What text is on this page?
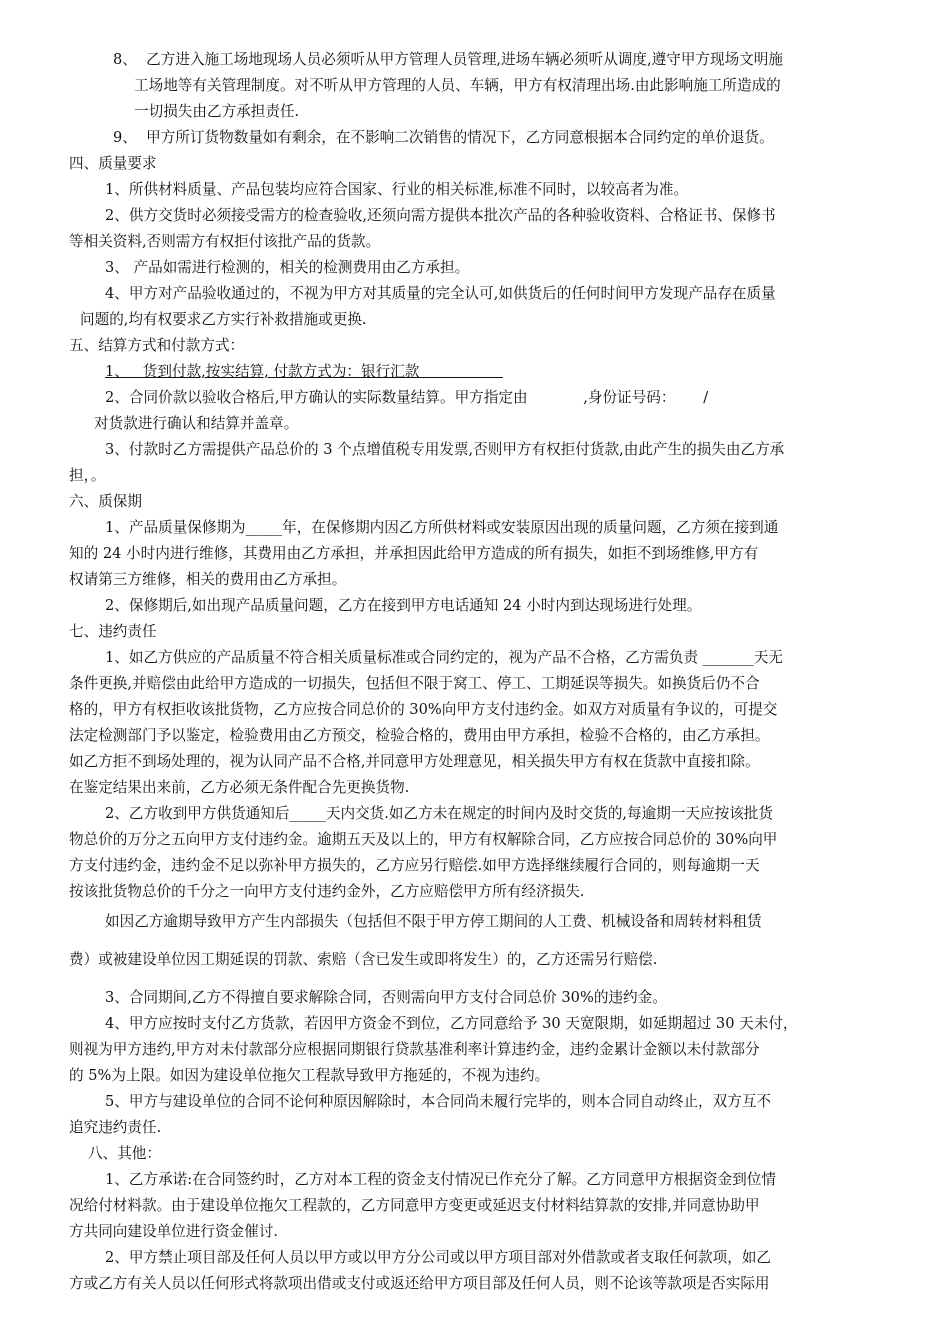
8、  乙方进入施工场地现场人员必须听从甲方管理人员管理,进场车辆必须听从调度,遵守甲方现场文明施
工场地等有关管理制度。对不听从甲方管理的人员、车辆，甲方有权清理出场.由此影响施工所造成的
一切损失由乙方承担责任.
9、  甲方所订货物数量如有剩余，在不影响二次销售的情况下，乙方同意根据本合同约定的单价退货。
四、质量要求
1、所供材料质量、产品包装均应符合国家、行业的相关标准,标准不同时，以较高者为准。
2、供方交货时必须接受需方的检查验收,还须向需方提供本批次产品的各种验收资料、合格证书、保修书
等相关资料,否则需方有权拒付该批产品的货款。
3、 产品如需进行检测的，相关的检测费用由乙方承担。
4、甲方对产品验收通过的，不视为甲方对其质量的完全认可,如供货后的任何时间甲方发现产品存在质量
问题的,均有权要求乙方实行补救措施或更换.
五、结算方式和付款方式：
1、   货到付款,按实结算, 付款方式为：银行汇款
2、合同价款以验收合格后,甲方确认的实际数量结算。甲方指定由            ,身份证号码：      /
对货款进行确认和结算并盖章。
3、付款时乙方需提供产品总价的 3 个点增值税专用发票,否则甲方有权拒付货款,由此产生的损失由乙方承
担，。
六、质保期
1、产品质量保修期为_____年，在保修期内因乙方所供材料或安装原因出现的质量问题，乙方须在接到通
知的 24 小时内进行维修，其费用由乙方承担，并承担因此给甲方造成的所有损失，如拒不到场维修,甲方有
权请第三方维修，相关的费用由乙方承担。
2、保修期后,如出现产品质量问题，乙方在接到甲方电话通知 24 小时内到达现场进行处理。
七、违约责任
1、如乙方供应的产品质量不符合相关质量标准或合同约定的，视为产品不合格，乙方需负责 _______天无
条件更换,并赔偿由此给甲方造成的一切损失，包括但不限于窝工、停工、工期延误等损失。如换货后仍不合
格的，甲方有权拒收该批货物，乙方应按合同总价的 30%向甲方支付违约金。如双方对质量有争议的，可提交
法定检测部门予以鉴定，检验费用由乙方预交，检验合格的，费用由甲方承担，检验不合格的，由乙方承担。
如乙方拒不到场处理的，视为认同产品不合格,并同意甲方处理意见，相关损失甲方有权在货款中直接扣除。
在鉴定结果出来前，乙方必须无条件配合先更换货物.
2、乙方收到甲方供货通知后_____天内交货.如乙方未在规定的时间内及时交货的,每逾期一天应按该批货
物总价的万分之五向甲方支付违约金。逾期五天及以上的，甲方有权解除合同，乙方应按合同总价的 30%向甲
方支付违约金，违约金不足以弥补甲方损失的，乙方应另行赔偿.如甲方选择继续履行合同的，则每逾期一天
按该批货物总价的千分之一向甲方支付违约金外，乙方应赔偿甲方所有经济损失.
如因乙方逾期导致甲方产生内部损失（包括但不限于甲方停工期间的人工费、机械设备和周转材料租赁
费）或被建设单位因工期延误的罚款、索赔（含已发生或即将发生）的，乙方还需另行赔偿.
3、合同期间,乙方不得擅自要求解除合同，否则需向甲方支付合同总价 30%的违约金。
4、甲方应按时支付乙方货款，若因甲方资金不到位，乙方同意给予 30 天宽限期，如延期超过 30 天未付，
则视为甲方违约,甲方对未付款部分应根据同期银行贷款基准利率计算违约金，违约金累计金额以未付款部分
的 5%为上限。如因为建设单位拖欠工程款导致甲方拖延的，不视为违约。
5、甲方与建设单位的合同不论何种原因解除时，本合同尚未履行完毕的，则本合同自动终止，双方互不
追究违约责任.
八、其他：
1、乙方承诺:在合同签约时，乙方对本工程的资金支付情况已作充分了解。乙方同意甲方根据资金到位情
况给付材料款。由于建设单位拖欠工程款的，乙方同意甲方变更或延迟支付材料结算款的安排,并同意协助甲
方共同向建设单位进行资金催讨.
2、甲方禁止项目部及任何人员以甲方或以甲方分公司或以甲方项目部对外借款或者支取任何款项，如乙
方或乙方有关人员以任何形式将款项出借或支付或返还给甲方项目部及任何人员，则不论该等款项是否实际用
